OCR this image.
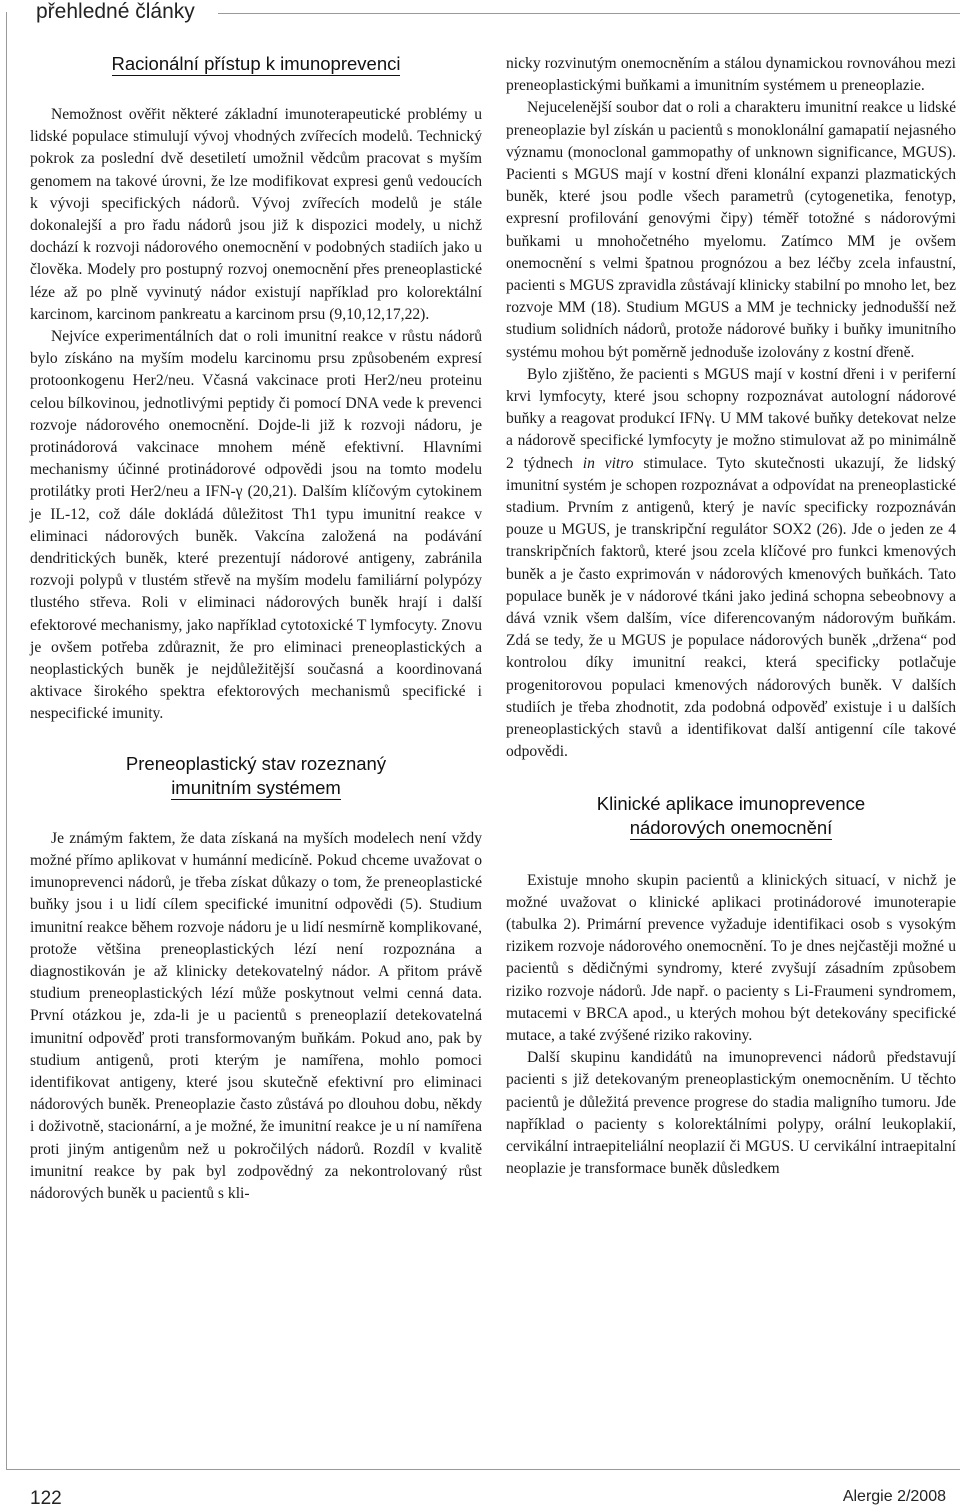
přehledné články
Racionální přístup k imunoprevenci

Nemožnost ověřit některé základní imunoterapeutické problémy u lidské populace stimulují vývoj vhodných zvířecích modelů. Technický pokrok za poslední dvě desetiletí umožnil vědcům pracovat s myším genomem na takové úrovni, že lze modifikovat expresi genů vedoucích k vývoji specifických nádorů. Vývoj zvířecích modelů je stále dokonalejší a pro řadu nádorů jsou již k dispozici modely, u nichž dochází k rozvoji nádorového onemocnění v podobných stadiích jako u člověka. Modely pro postupný rozvoj onemocnění přes preneoplastické léze až po plně vyvinutý nádor existují například pro kolorektální karcinom, karcinom pankreatu a karcinom prsu (9,10,12,17,22).

Nejvíce experimentálních dat o roli imunitní reakce v růstu nádorů bylo získáno na myším modelu karcinomu prsu způsobeném expresí protoonkogenu Her2/neu. Včasná vakcinace proti Her2/neu proteinu celou bílkovinou, jednotlivými peptidy či pomocí DNA vede k prevenci rozvoje nádorového onemocnění. Dojde-li již k rozvoji nádoru, je protinádorová vakcinace mnohem méně efektivní. Hlavními mechanismy účinné protinádorové odpovědi jsou na tomto modelu protilátky proti Her2/neu a IFN-γ (20,21). Dalším klíčovým cytokinem je IL-12, což dále dokládá důležitost Th1 typu imunitní reakce v eliminaci nádorových buněk. Vakcína založená na podávání dendritických buněk, které prezentují nádorové antigeny, zabránila rozvoji polypů v tlustém střevě na myším modelu familiární polypózy tlustého střeva. Roli v eliminaci nádorových buněk hrají i další efektorové mechanismy, jako například cytotoxické T lymfocyty. Znovu je ovšem potřeba zdůraznit, že pro eliminaci preneoplastických a neoplastických buněk je nejdůležitější současná a koordinovaná aktivace širokého spektra efektorových mechanismů specifické i nespecifické imunity.

Preneoplastický stav rozeznaný
imunitním systémem

Je známým faktem, že data získaná na myších modelech není vždy možné přímo aplikovat v humánní medicíně. Pokud chceme uvažovat o imunoprevenci nádorů, je třeba získat důkazy o tom, že preneoplastické buňky jsou i u lidí cílem specifické imunitní odpovědi (5). Studium imunitní reakce během rozvoje nádoru je u lidí nesmírně komplikované, protože většina preneoplastických lézí není rozpoznána a diagnostikován je až klinicky detekovatelný nádor. A přitom právě studium preneoplastických lézí může poskytnout velmi cenná data. První otázkou je, zda-li je u pacientů s preneoplazií detekovatelná imunitní odpověď proti transformovaným buňkám. Pokud ano, pak by studium antigenů, proti kterým je namířena, mohlo pomoci identifikovat antigeny, které jsou skutečně efektivní pro eliminaci nádorových buněk. Preneoplazie často zůstává po dlouhou dobu, někdy i doživotně, stacionární, a je možné, že imunitní reakce je u ní namířena proti jiným antigenům než u pokročilých nádorů. Rozdíl v kvalitě imunitní reakce by pak byl zodpovědný za nekontrolovaný růst nádorových buněk u pacientů s kli-

nicky rozvinutým onemocněním a stálou dynamickou rovnováhou mezi preneoplastickými buňkami a imunitním systémem u preneoplazie.

Nejucelenější soubor dat o roli a charakteru imunitní reakce u lidské preneoplazie byl získán u pacientů s monoklonální gamapatií nejasného významu (monoclonal gammopathy of unknown significance, MGUS). Pacienti s MGUS mají v kostní dřeni klonální expanzi plazmatických buněk, které jsou podle všech parametrů (cytogenetika, fenotyp, expresní profilování genovými čipy) téměř totožné s nádorovými buňkami u mnohočetného myelomu. Zatímco MM je ovšem onemocnění s velmi špatnou prognózou a bez léčby zcela infaustní, pacienti s MGUS zpravidla zůstávají klinicky stabilní po mnoho let, bez rozvoje MM (18). Studium MGUS a MM je technicky jednodušší než studium solidních nádorů, protože nádorové buňky i buňky imunitního systému mohou být poměrně jednoduše izolovány z kostní dřeně.

Bylo zjištěno, že pacienti s MGUS mají v kostní dřeni i v periferní krvi lymfocyty, které jsou schopny rozpoznávat autologní nádorové buňky a reagovat produkcí IFNγ. U MM takové buňky detekovat nelze a nádorově specifické lymfocyty je možno stimulovat až po minimálně 2 týdnech in vitro stimulace. Tyto skutečnosti ukazují, že lidský imunitní systém je schopen rozpoznávat a odpovídat na preneoplastické stadium. Prvním z antigenů, který je navíc specificky rozpoznáván pouze u MGUS, je transkripční regulátor SOX2 (26). Jde o jeden ze 4 transkripčních faktorů, které jsou zcela klíčové pro funkci kmenových buněk a je často exprimován v nádorových kmenových buňkách. Tato populace buněk je v nádorové tkáni jako jediná schopna sebeobnovy a dává vznik všem dalším, více diferencovaným nádorovým buňkám. Zdá se tedy, že u MGUS je populace nádorových buněk „držena“ pod kontrolou díky imunitní reakci, která specificky potlačuje progenitorovou populaci kmenových nádorových buněk. V dalších studiích je třeba zhodnotit, zda podobná odpověď existuje i u dalších preneoplastických stavů a identifikovat další antigenní cíle takové odpovědi.

Klinické aplikace imunoprevence
nádorových onemocnění

Existuje mnoho skupin pacientů a klinických situací, v nichž je možné uvažovat o klinické aplikaci protinádorové imunoterapie (tabulka 2). Primární prevence vyžaduje identifikaci osob s vysokým rizikem rozvoje nádorového onemocnění. To je dnes nejčastěji možné u pacientů s dědičnými syndromy, které zvyšují zásadním způsobem riziko rozvoje nádorů. Jde např. o pacienty s Li-Fraumeni syndromem, mutacemi v BRCA apod., u kterých mohou být detekovány specifické mutace, a také zvýšené riziko rakoviny.

Další skupinu kandidátů na imunoprevenci nádorů představují pacienti s již detekovaným preneoplastickým onemocněním. U těchto pacientů je důležitá prevence progrese do stadia maligního tumoru. Jde například o pacienty s kolorektálními polypy, orální leukoplakií, cervikální intraepiteliální neoplazií či MGUS. U cervikální intraepitalní neoplazie je transformace buněk důsledkem

122	Alergie 2/2008
